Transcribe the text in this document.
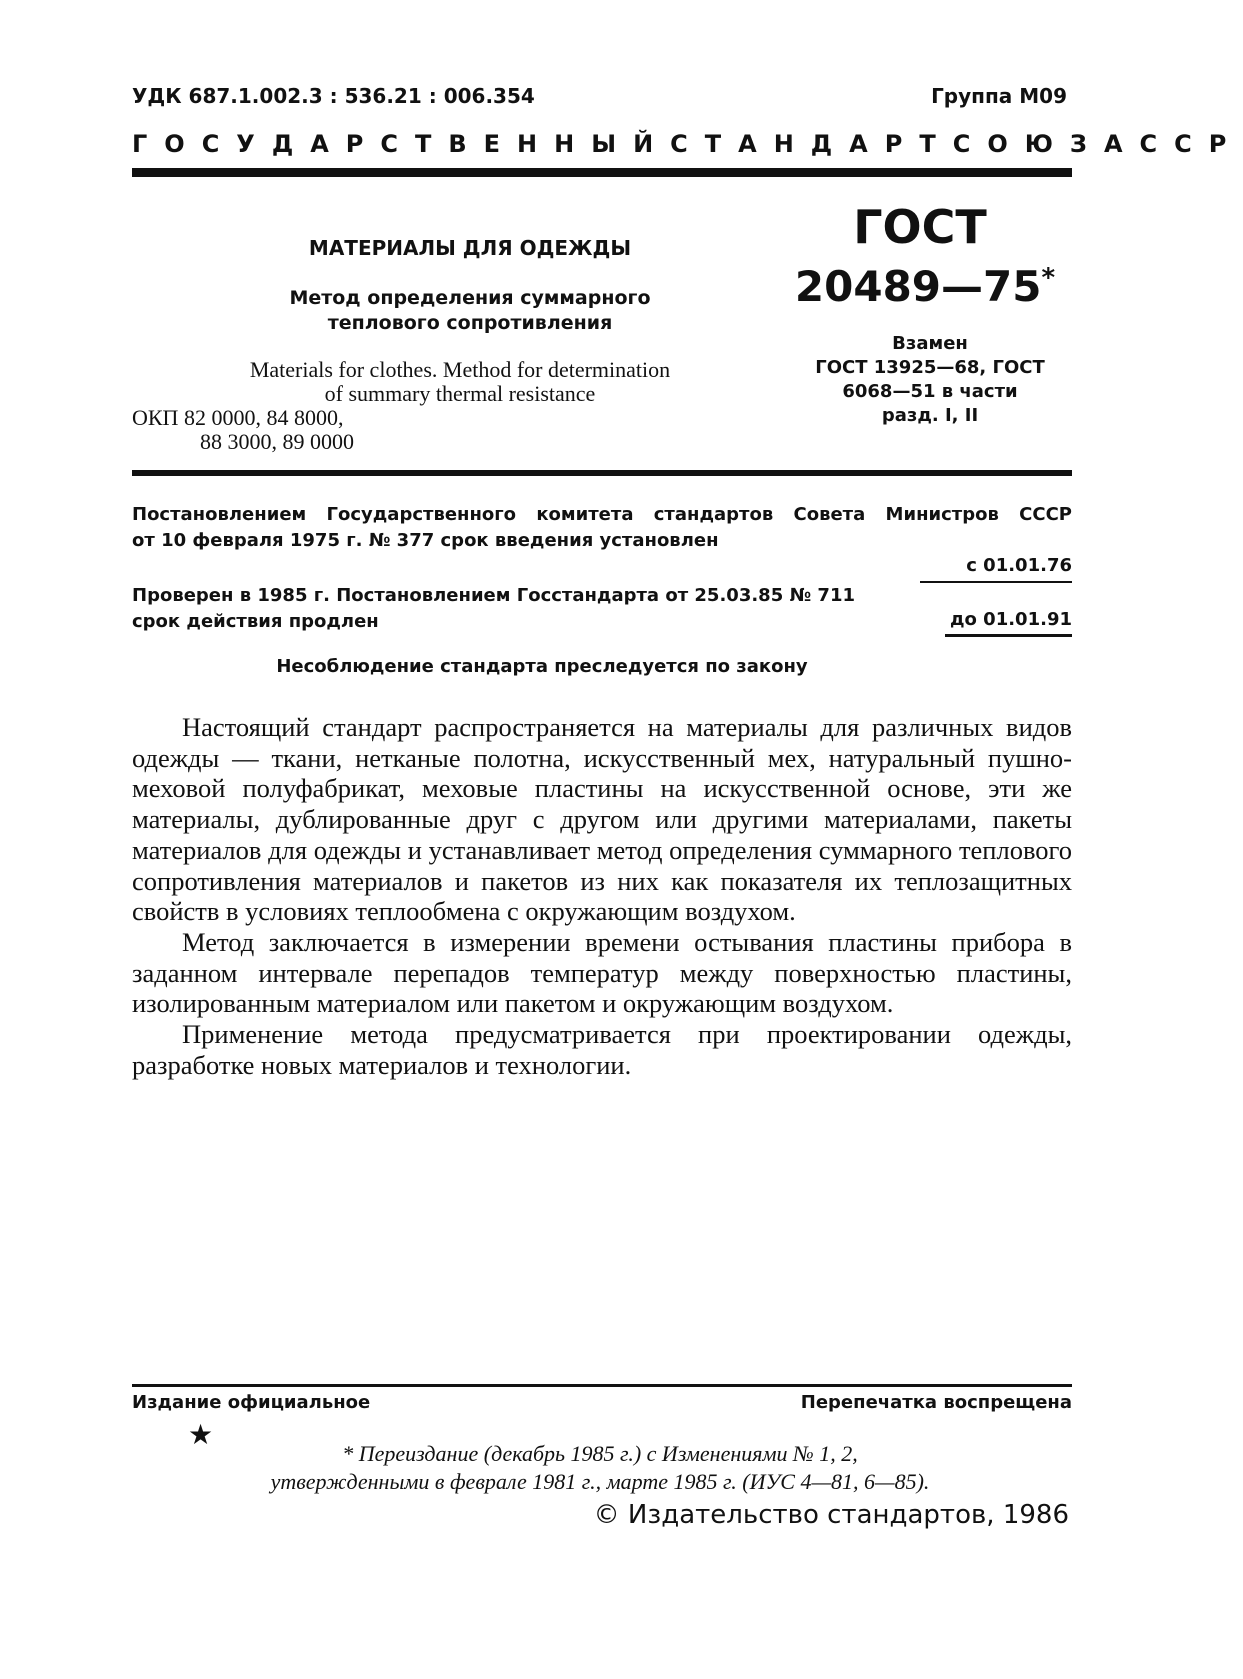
УДК 687.1.002.3 : 536.21 : 006.354	Группа М09
ГОСУДАРСТВЕННЫЙ СТАНДАРТ СОЮЗА ССР
МАТЕРИАЛЫ ДЛЯ ОДЕЖДЫ
Метод определения суммарного
теплового сопротивления
Materials for clothes. Method for determination
of summary thermal resistance
ОКП 82 0000, 84 8000,
88 3000, 89 0000
ГОСТ
20489—75*
Взамен
ГОСТ 13925—68, ГОСТ
6068—51 в части
разд. I, II
Постановлением Государственного комитета стандартов Совета Министров СССР
от 10 февраля 1975 г. № 377 срок введения установлен
с 01.01.76
Проверен в 1985 г. Постановлением Госстандарта от 25.03.85 № 711
срок действия продлен	до 01.01.91
Несоблюдение стандарта преследуется по закону

Настоящий стандарт распространяется на материалы для различных видов одежды — ткани, нетканые полотна, искусственный мех, натуральный пушно-меховой полуфабрикат, меховые пластины на искусственной основе, эти же материалы, дублированные друг с другом или другими материалами, пакеты материалов для одежды и устанавливает метод определения суммарного теплового сопротивления материалов и пакетов из них как показателя их теплозащитных свойств в условиях теплообмена с окружающим воздухом.

Метод заключается в измерении времени остывания пластины прибора в заданном интервале перепадов температур между поверхностью пластины, изолированным материалом или пакетом и окружающим воздухом.

Применение метода предусматривается при проектировании одежды, разработке новых материалов и технологии.

Издание официальное	Перепечатка воспрещена
★
* Переиздание (декабрь 1985 г.) с Изменениями № 1, 2,
утвержденными в феврале 1981 г., марте 1985 г. (ИУС 4—81, 6—85).
© Издательство стандартов, 1986
